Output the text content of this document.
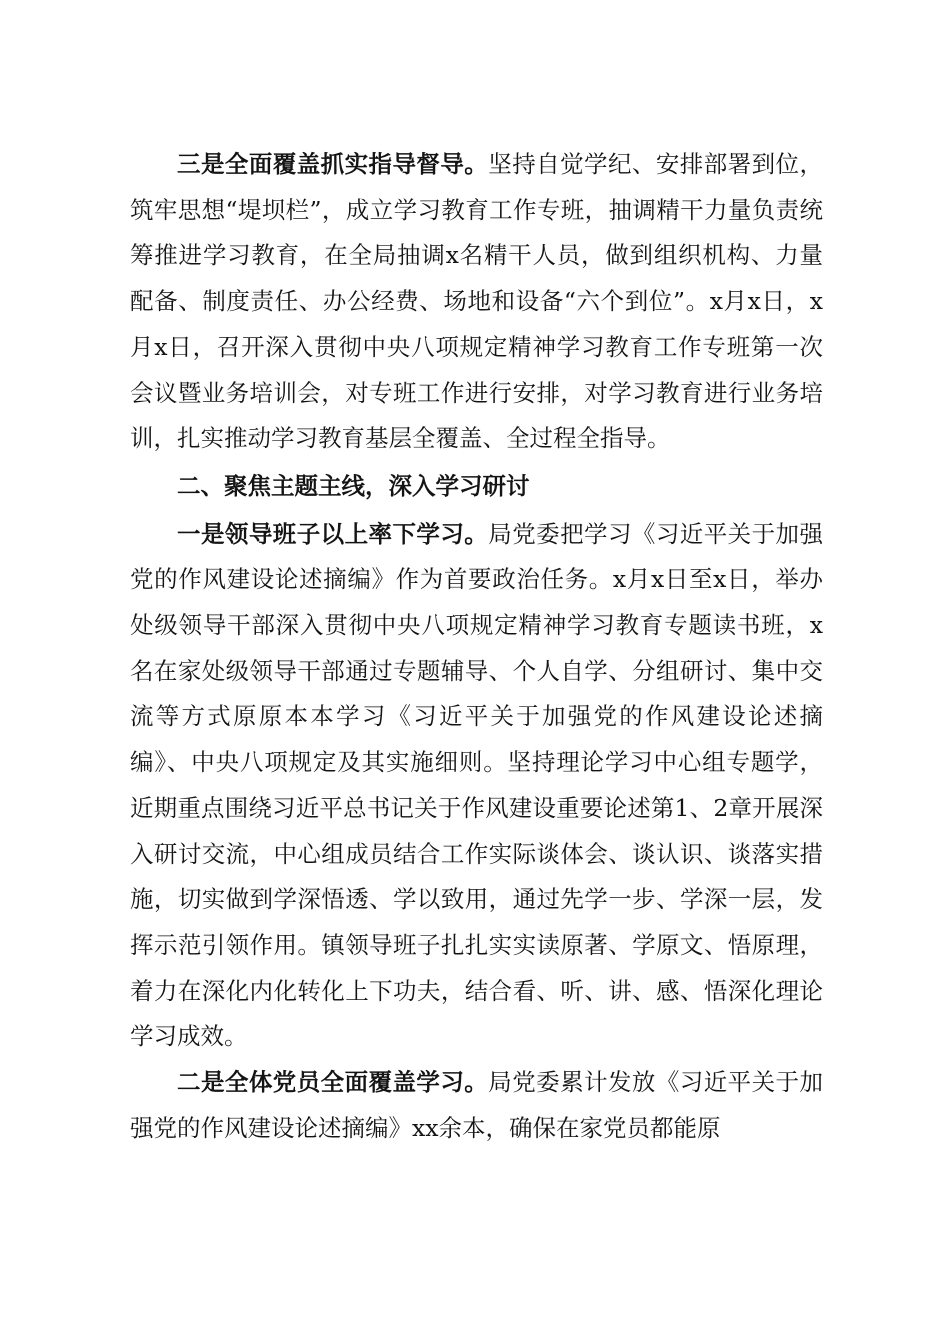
三是全面覆盖抓实指导督导。坚持自觉学纪、安排部署到位，筑牢思想“堤坝栏”，成立学习教育工作专班，抽调精干力量负责统筹推进学习教育，在全局抽调x名精干人员，做到组织机构、力量配备、制度责任、办公经费、场地和设备“六个到位”。x月x日，x月x日，召开深入贯彻中央八项规定精神学习教育工作专班第一次会议暨业务培训会，对专班工作进行安排，对学习教育进行业务培训，扎实推动学习教育基层全覆盖、全过程全指导。

二、聚焦主题主线，深入学习研讨

一是领导班子以上率下学习。局党委把学习《习近平关于加强党的作风建设论述摘编》作为首要政治任务。x月x日至x日，举办处级领导干部深入贯彻中央八项规定精神学习教育专题读书班，x名在家处级领导干部通过专题辅导、个人自学、分组研讨、集中交流等方式原原本本学习《习近平关于加强党的作风建设论述摘编》、中央八项规定及其实施细则。坚持理论学习中心组专题学，近期重点围绕习近平总书记关于作风建设重要论述第1、2章开展深入研讨交流，中心组成员结合工作实际谈体会、谈认识、谈落实措施，切实做到学深悟透、学以致用，通过先学一步、学深一层，发挥示范引领作用。镇领导班子扎扎实实读原著、学原文、悟原理，着力在深化内化转化上下功夫，结合看、听、讲、感、悟深化理论学习成效。

二是全体党员全面覆盖学习。局党委累计发放《习近平关于加强党的作风建设论述摘编》xx余本，确保在家党员都能原
